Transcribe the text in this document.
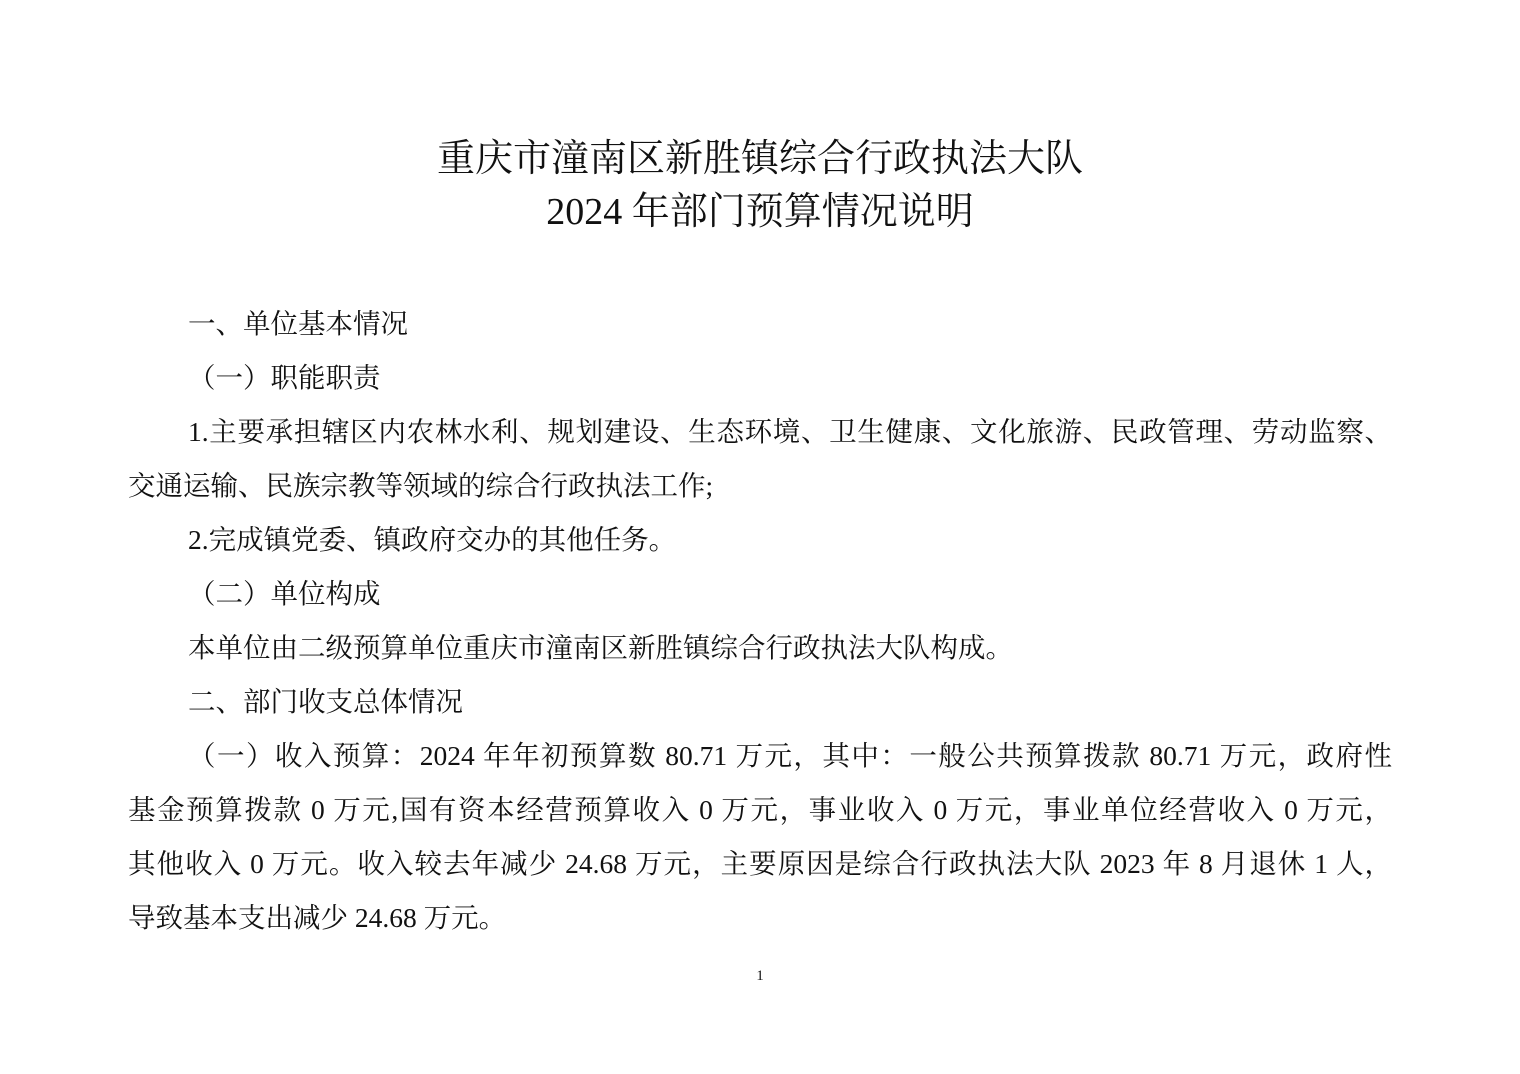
重庆市潼南区新胜镇综合行政执法大队
2024 年部门预算情况说明
一、单位基本情况
（一）职能职责
1.主要承担辖区内农林水利、规划建设、生态环境、卫生健康、文化旅游、民政管理、劳动监察、
交通运输、民族宗教等领域的综合行政执法工作;
2.完成镇党委、镇政府交办的其他任务。
（二）单位构成
本单位由二级预算单位重庆市潼南区新胜镇综合行政执法大队构成。
二、部门收支总体情况
（一）收入预算：2024 年年初预算数 80.71 万元，其中：一般公共预算拨款 80.71 万元，政府性
基金预算拨款 0 万元,国有资本经营预算收入 0 万元，事业收入 0 万元，事业单位经营收入 0 万元，
其他收入 0 万元。收入较去年减少 24.68 万元，主要原因是综合行政执法大队 2023 年 8 月退休 1 人，
导致基本支出减少 24.68 万元。
1
